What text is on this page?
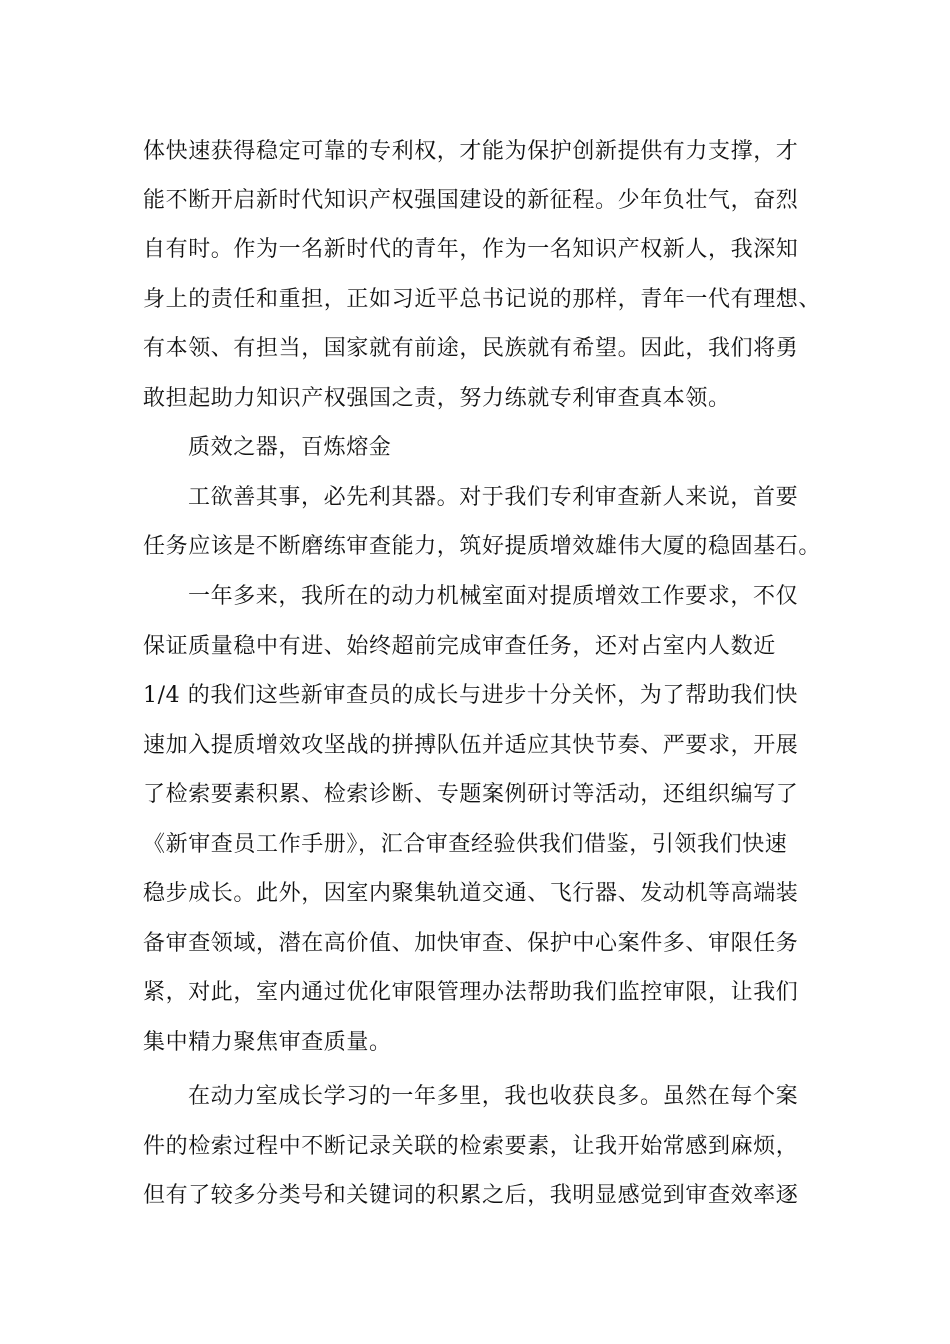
体快速获得稳定可靠的专利权，才能为保护创新提供有力支撑，才
能不断开启新时代知识产权强国建设的新征程。少年负壮气，奋烈
自有时。作为一名新时代的青年，作为一名知识产权新人，我深知
身上的责任和重担，正如习近平总书记说的那样，青年一代有理想、
有本领、有担当，国家就有前途，民族就有希望。因此，我们将勇
敢担起助力知识产权强国之责，努力练就专利审查真本领。
质效之器，百炼熔金
工欲善其事，必先利其器。对于我们专利审查新人来说，首要
任务应该是不断磨练审查能力，筑好提质增效雄伟大厦的稳固基石。
一年多来，我所在的动力机械室面对提质增效工作要求，不仅
保证质量稳中有进、始终超前完成审查任务，还对占室内人数近
1/4 的我们这些新审查员的成长与进步十分关怀，为了帮助我们快
速加入提质增效攻坚战的拼搏队伍并适应其快节奏、严要求，开展
了检索要素积累、检索诊断、专题案例研讨等活动，还组织编写了
《新审查员工作手册》，汇合审查经验供我们借鉴，引领我们快速
稳步成长。此外，因室内聚集轨道交通、飞行器、发动机等高端装
备审查领域，潜在高价值、加快审查、保护中心案件多、审限任务
紧，对此，室内通过优化审限管理办法帮助我们监控审限，让我们
集中精力聚焦审查质量。
在动力室成长学习的一年多里，我也收获良多。虽然在每个案
件的检索过程中不断记录关联的检索要素，让我开始常感到麻烦，
但有了较多分类号和关键词的积累之后，我明显感觉到审查效率逐
